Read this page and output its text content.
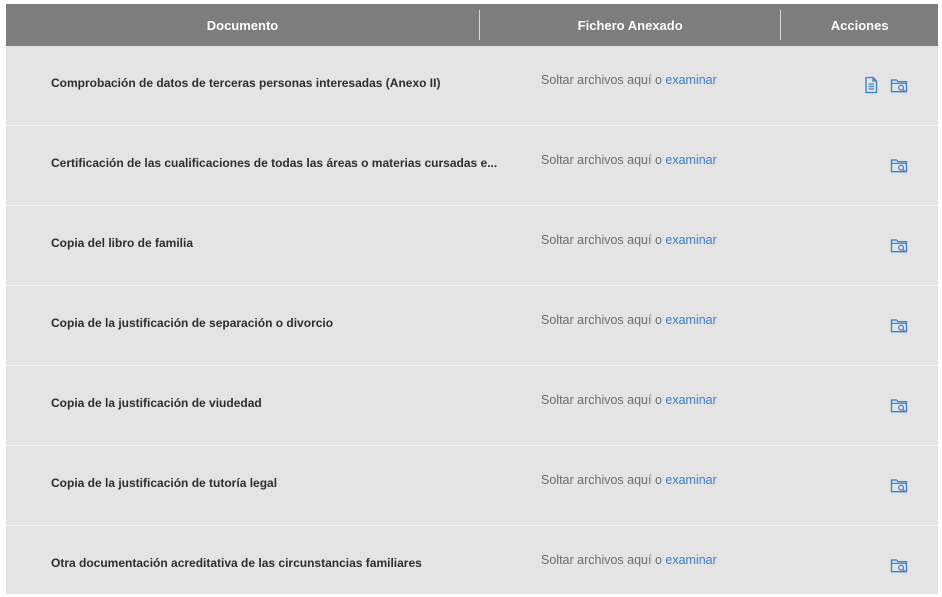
Documento	Fichero Anexado	Acciones
Comprobación de datos de terceras personas interesadas (Anexo II)	Soltar archivos aquí o examinar
Certificación de las cualificaciones de todas las áreas o materias cursadas e...	Soltar archivos aquí o examinar
Copia del libro de familia	Soltar archivos aquí o examinar
Copia de la justificación de separación o divorcio	Soltar archivos aquí o examinar
Copia de la justificación de viudedad	Soltar archivos aquí o examinar
Copia de la justificación de tutoría legal	Soltar archivos aquí o examinar
Otra documentación acreditativa de las circunstancias familiares	Soltar archivos aquí o examinar
